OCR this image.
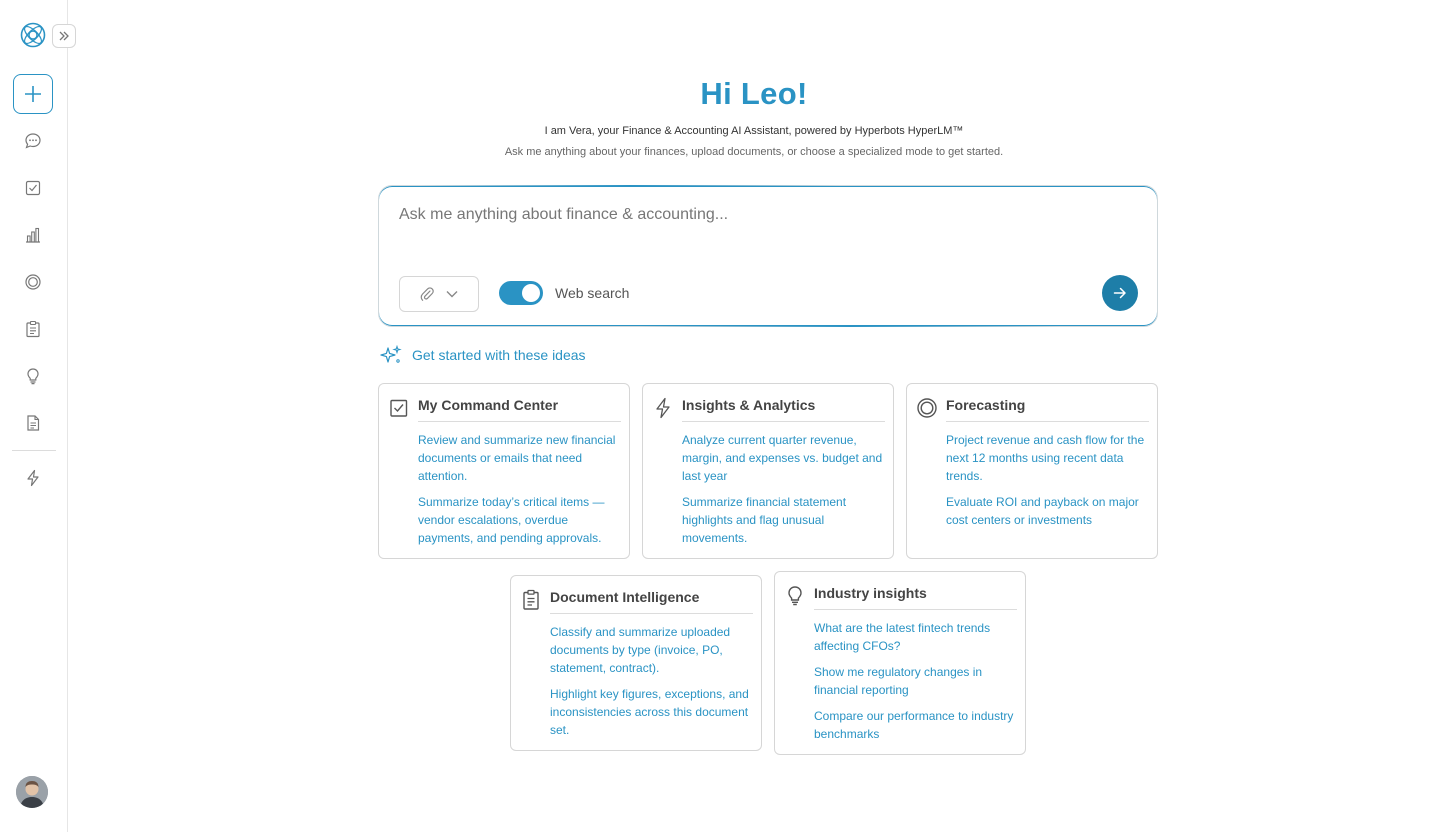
Hi Leo!

I am Vera, your Finance & Accounting AI Assistant, powered by Hyperbots HyperLM™

Ask me anything about your finances, upload documents, or choose a specialized mode to get started.

Ask me anything about finance & accounting...
Web search
Get started with these ideas
My Command Center
Review and summarize new financial documents or emails that need attention.
Summarize today’s critical items — vendor escalations, overdue payments, and pending approvals.
Insights & Analytics
Analyze current quarter revenue, margin, and expenses vs. budget and last year
Summarize financial statement highlights and flag unusual movements.
Forecasting
Project revenue and cash flow for the next 12 months using recent data trends.
Evaluate ROI and payback on major cost centers or investments
Document Intelligence
Classify and summarize uploaded documents by type (invoice, PO, statement, contract).
Highlight key figures, exceptions, and inconsistencies across this document set.
Industry insights
What are the latest fintech trends affecting CFOs?
Show me regulatory changes in financial reporting
Compare our performance to industry benchmarks
